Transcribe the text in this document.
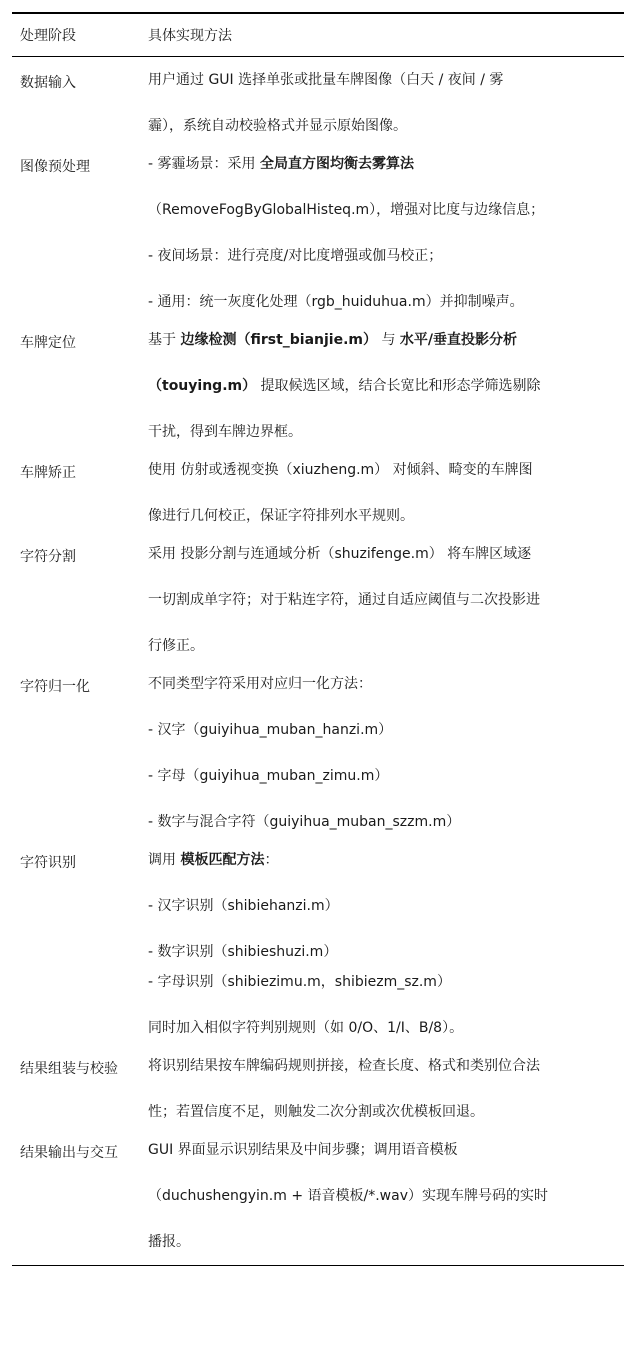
处理阶段	具体实现方法
数据输入	用户通过 GUI 选择单张或批量车牌图像（白天 / 夜间 / 雾
霾），系统自动校验格式并显示原始图像。
图像预处理	- 雾霾场景：采用 全局直方图均衡去雾算法
（RemoveFogByGlobalHisteq.m），增强对比度与边缘信息；
- 夜间场景：进行亮度/对比度增强或伽马校正；
- 通用：统一灰度化处理（rgb_huiduhua.m）并抑制噪声。
车牌定位	基于 边缘检测（first_bianjie.m） 与 水平/垂直投影分析
（touying.m） 提取候选区域，结合长宽比和形态学筛选剔除
干扰，得到车牌边界框。
车牌矫正	使用 仿射或透视变换（xiuzheng.m） 对倾斜、畸变的车牌图
像进行几何校正，保证字符排列水平规则。
字符分割	采用 投影分割与连通域分析（shuzifenge.m） 将车牌区域逐
一切割成单字符；对于粘连字符，通过自适应阈值与二次投影进
行修正。
字符归一化	不同类型字符采用对应归一化方法：
- 汉字（guiyihua_muban_hanzi.m）
- 字母（guiyihua_muban_zimu.m）
- 数字与混合字符（guiyihua_muban_szzm.m）
字符识别	调用 模板匹配方法：
- 汉字识别（shibiehanzi.m）
- 数字识别（shibieshuzi.m）
- 字母识别（shibiezimu.m，shibiezm_sz.m）
同时加入相似字符判别规则（如 0/O、1/I、B/8）。
结果组装与校验	将识别结果按车牌编码规则拼接，检查长度、格式和类别位合法
性；若置信度不足，则触发二次分割或次优模板回退。
结果输出与交互	GUI 界面显示识别结果及中间步骤；调用语音模板
（duchushengyin.m + 语音模板/*.wav）实现车牌号码的实时
播报。
